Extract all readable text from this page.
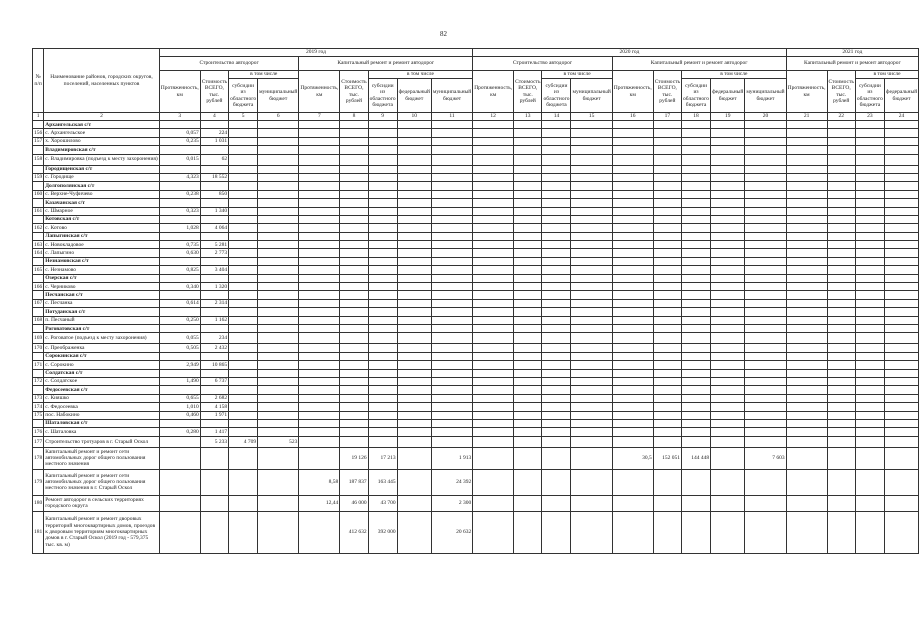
82
№ п/п	Наименование районов, городских округов, поселений, населенных пунктов	2019 год									2020 год									2021 год			
		Строительство автодорог				Капитальный ремонт и ремонт автодорог					Строительство автодорог				Капитальный ремонт и ремонт автодорог					Капитальный ремонт и ремонт автодорог			
		Протяженность, км	Стоимость ВСЕГО, тыс. рублей	в том числе		Протяженность, км	Стоимость ВСЕГО, тыс. рублей	в том числе			Протяженность, км	Стоимость ВСЕГО, тыс. рублей	в том числе		Протяженность, км	Стоимость ВСЕГО, тыс. рублей	в том числе			Протяженность, км	Стоимость ВСЕГО, тыс. рублей	в том числе	
				субсидии из областного бюджета	муниципальный бюджет			субсидии из областного бюджета	федеральный бюджет	муниципальный бюджет			субсидии из областного бюджета	муниципальный бюджет			субсидии из областного бюджета	федеральный бюджет	муниципальный бюджет			субсидии из областного бюджета	федеральный бюджет
1	2	3	4	5	6	7	8	9	10	11	12	13	14	15	16	17	18	19	20	21	22	23	24
	Архангельская с/т																						
156	с. Архангельское	0,057	224																				
157	х. Хорошилово	0,235	1 031																				
	Владимировская с/т																						
158	с. Владимировка (подъезд к месту захоронения)	0,015	62																				
	Городищенская с/т																						
159	с. Городище	4,323	18 552																				
	Долгополянская с/т																						
160	с. Верхне-Чуфичево	0,238	850																				
	Казачанская с/т																						
161	с. Шмарное	0,323	1 340																				
	Котовская с/т																						
162	с. Котово	1,028	4 064																				
	Лапыгинская с/т																						
163	с. Новокладовое	0,735	5 281																				
164	с. Лапыгино	0,630	2 773																				
	Незнамовская с/т																						
165	с. Незнамово	0,825	3 404																				
	Озерская с/т																						
166	с. Черниково	0,340	1 320																				
	Песчанская с/т																						
167	с. Песчанка	0,614	2 314																				
	Потуданская с/т																						
168	п. Песчаный	0,250	1 162																				
	Роговатовская с/т																						
169	с. Роговатое (подъезд к месту захоронения)	0,055	234																				
170	с. Преображенка	0,505	2 432																				
	Сорокинская с/т																						
171	с. Сорокино	2,949	10 865																				
	Солдатская с/т																						
172	с. Солдатское	1,490	6 737																				
	Федосеевская с/т																						
173	с. Кияшко	0,655	2 682																				
174	с. Федосеевка	1,010	4 158																				
175	пос. Набокино	0,460	1 971																				
	Шаталовская с/т																						
176	с. Шаталовка	0,280	1 417																				
177	Строительство тротуаров в г. Старый Оскол		5 233	4 709	523																		
178	Капитальный ремонт и ремонт сети автомобильных дорог общего пользования местного значения						19 126	17 213		1 913					30,5	152 051	144 448		7 603				
179	Капитальный ремонт и ремонт сети автомобильных дорог общего пользования местного значения в г. Старый Оскол					8,58	187 837	163 445		24 392													
180	Ремонт автодорог в сельских территориях городского округа					12,44	46 000	43 700		2 300													
181	Капитальный ремонт и ремонт дворовых территорий многоквартирных домов, проездов к дворовым территориям многоквартирных домов в г. Старый Оскол (2019 год - 579,375 тыс. кв. м)						412 632	392 000		20 632													
